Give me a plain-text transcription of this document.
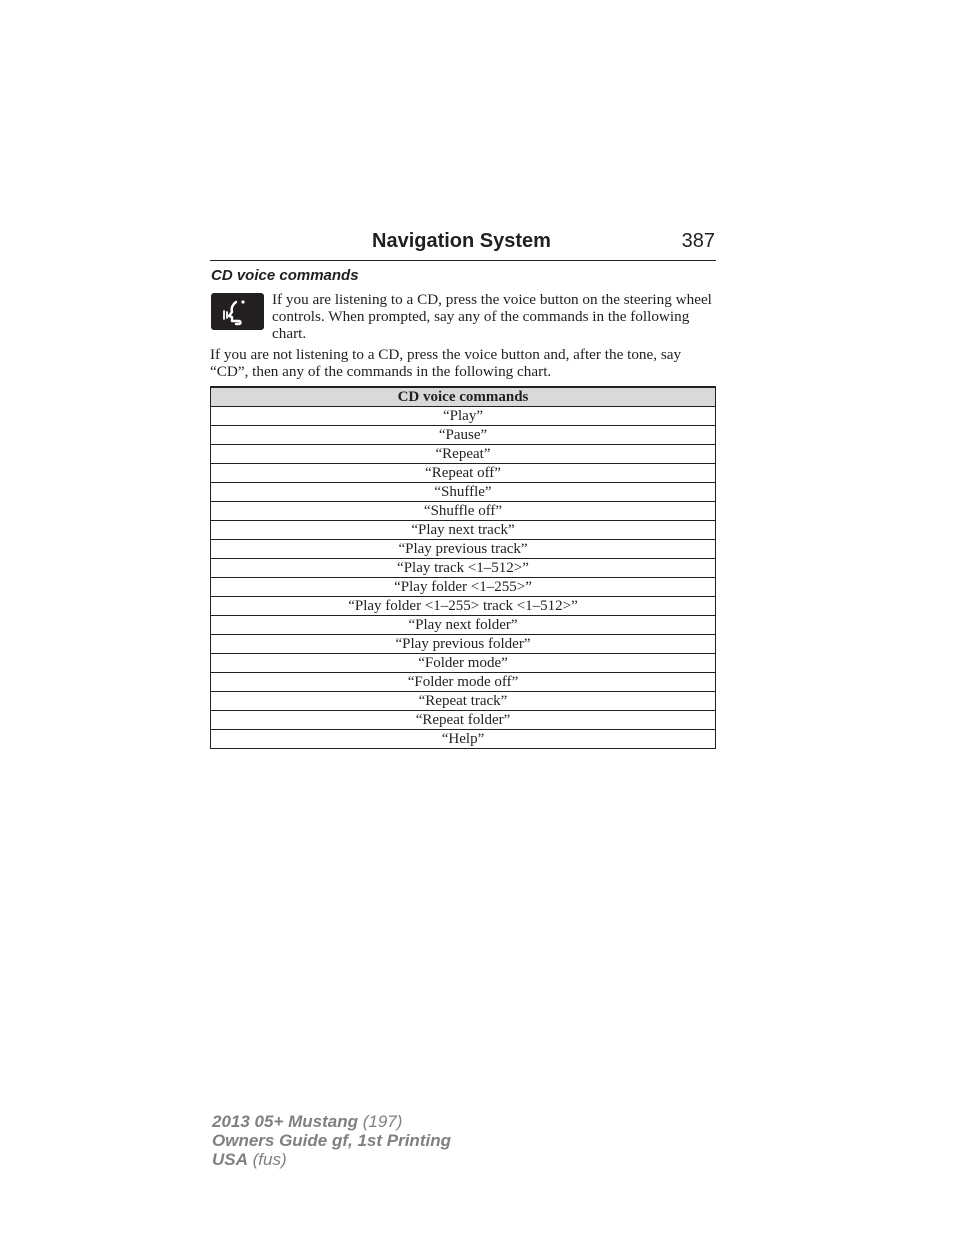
Navigation System	387
CD voice commands
If you are listening to a CD, press the voice button on the steering wheel controls. When prompted, say any of the commands in the following chart.
If you are not listening to a CD, press the voice button and, after the tone, say “CD”, then any of the commands in the following chart.
CD voice commands
“Play”
“Pause”
“Repeat”
“Repeat off”
“Shuffle”
“Shuffle off”
“Play next track”
“Play previous track”
“Play track <1–512>”
“Play folder <1–255>”
“Play folder <1–255> track <1–512>”
“Play next folder”
“Play previous folder”
“Folder mode”
“Folder mode off”
“Repeat track”
“Repeat folder”
“Help”
2013 05+ Mustang (197)
Owners Guide gf, 1st Printing
USA (fus)
